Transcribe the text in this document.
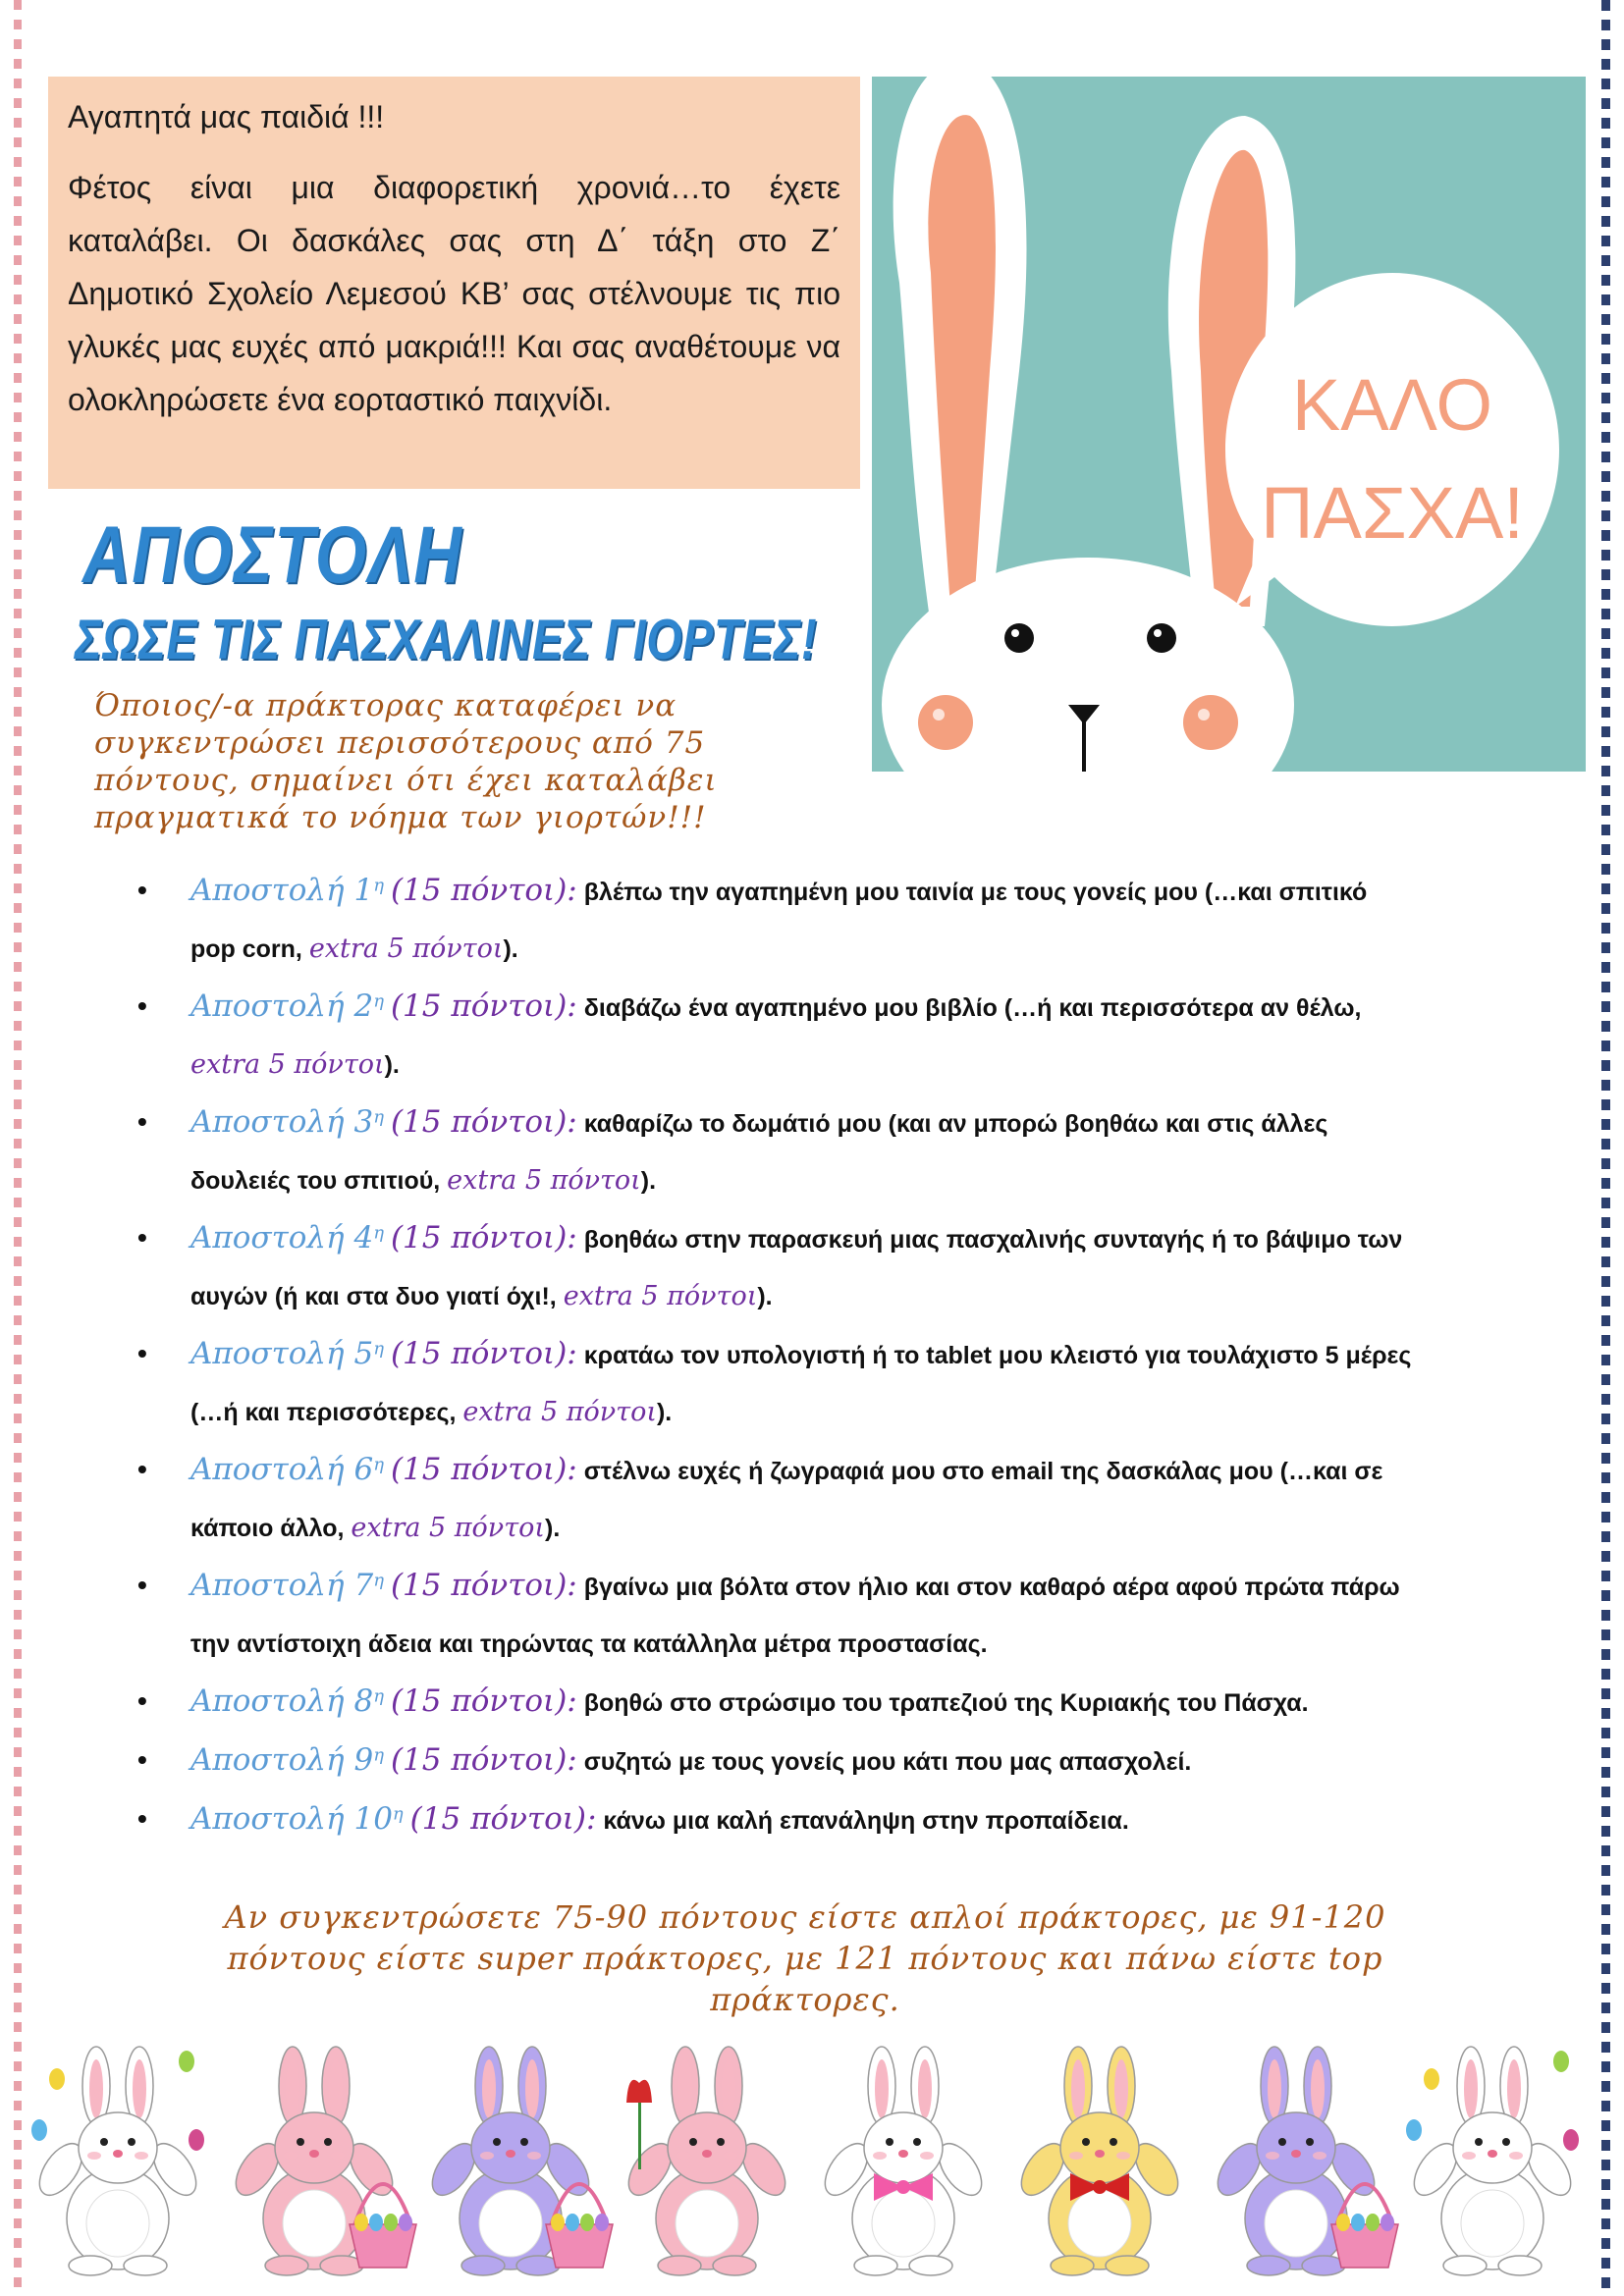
Αγαπητά μας παιδιά !!!

Φέτος είναι μια διαφορετική χρονιά…το έχετε καταλάβει. Οι δασκάλες σας στη Δ΄ τάξη στο Ζ΄ Δημοτικό Σχολείο Λεμεσού ΚΒ’ σας στέλνουμε τις πιο γλυκές μας ευχές από μακριά!!! Και σας αναθέτουμε να ολοκληρώσετε ένα εορταστικό παιχνίδι.	ΚΑΛΟ
ΠΑΣΧΑ!
ΑΠΟΣΤΟΛΗ
ΣΩΣΕ ΤΙΣ ΠΑΣΧΑΛΙΝΕΣ ΓΙΟΡΤΕΣ!

Όποιος/-α πράκτορας καταφέρει να συγκεντρώσει περισσότερους από 75 πόντους, σημαίνει ότι έχει καταλάβει πραγματικά το νόημα των γιορτών!!!

• Αποστολή $1^\eta$ (15 πόντοι): βλέπω την αγαπημένη μου ταινία με τους γονείς μου (…και σπιτικό pop corn, extra 5 πόντοι).
• Αποστολή $2^\eta$ (15 πόντοι): διαβάζω ένα αγαπημένο μου βιβλίο (…ή και περισσότερα αν θέλω, extra 5 πόντοι).
• Αποστολή $3^\eta$ (15 πόντοι): καθαρίζω το δωμάτιό μου (και αν μπορώ βοηθάω και στις άλλες δουλειές του σπιτιού, extra 5 πόντοι).
• Αποστολή $4^\eta$ (15 πόντοι): βοηθάω στην παρασκευή μιας πασχαλινής συνταγής ή το βάψιμο των αυγών (ή και στα δυο γιατί όχι!, extra 5 πόντοι).
• Αποστολή $5^\eta$ (15 πόντοι): κρατάω τον υπολογιστή ή το tablet μου κλειστό για τουλάχιστο 5 μέρες (…ή και περισσότερες, extra 5 πόντοι).
• Αποστολή $6^\eta$ (15 πόντοι): στέλνω ευχές ή ζωγραφιά μου στο email της δασκάλας μου (…και σε κάποιο άλλο, extra 5 πόντοι).
• Αποστολή $7^\eta$ (15 πόντοι): βγαίνω μια βόλτα στον ήλιο και στον καθαρό αέρα αφού πρώτα πάρω την αντίστοιχη άδεια και τηρώντας τα κατάλληλα μέτρα προστασίας.
• Αποστολή $8^\eta$ (15 πόντοι): βοηθώ στο στρώσιμο του τραπεζιού της Κυριακής του Πάσχα.
• Αποστολή $9^\eta$ (15 πόντοι): συζητώ με τους γονείς μου κάτι που μας απασχολεί.
• Αποστολή $10^\eta$ (15 πόντοι): κάνω μια καλή επανάληψη στην προπαίδεια.

Αν συγκεντρώσετε 75-90 πόντους είστε απλοί πράκτορες, με 91-120 πόντους είστε super πράκτορες, με 121 πόντους και πάνω είστε top πράκτορες.
